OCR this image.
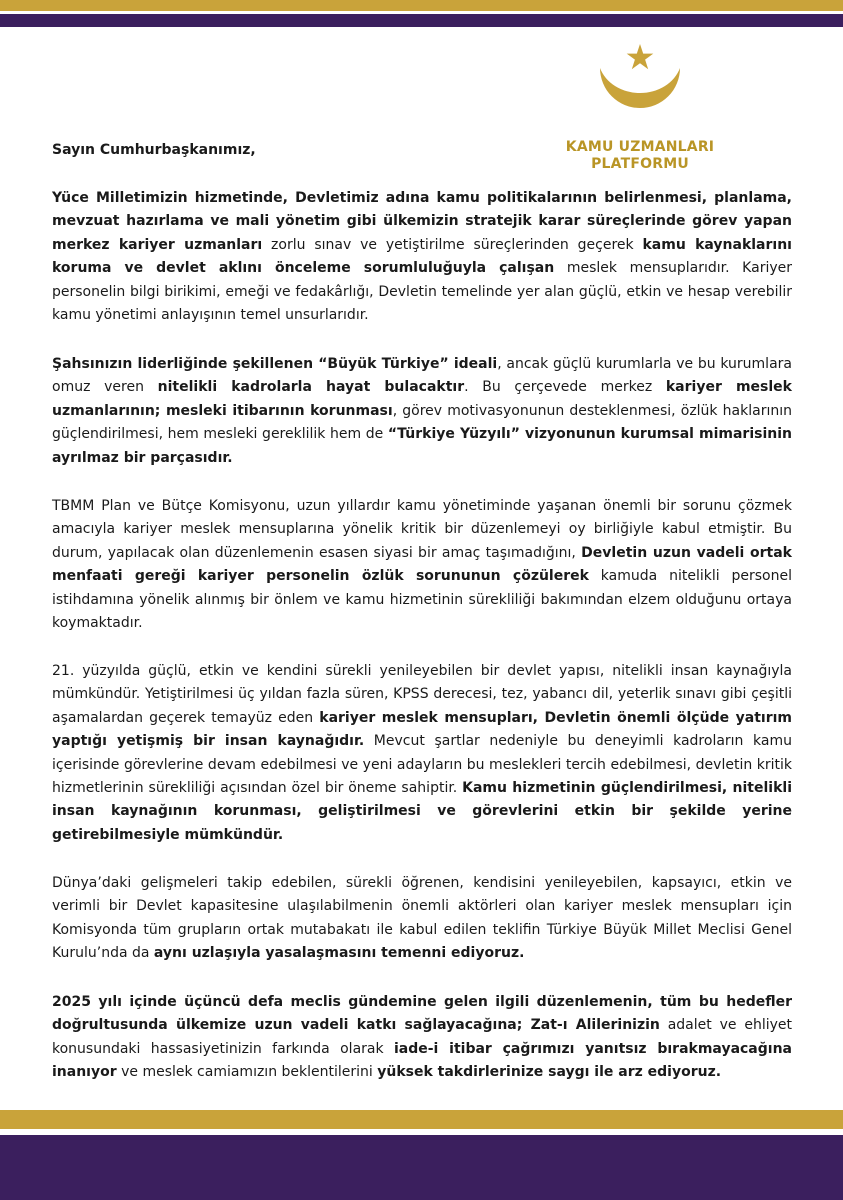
KAMU UZMANLARI
PLATFORMU

Sayın Cumhurbaşkanımız,

Yüce Milletimizin hizmetinde, Devletimiz adına kamu politikalarının belirlenmesi, planlama, mevzuat hazırlama ve mali yönetim gibi ülkemizin stratejik karar süreçlerinde görev yapan merkez kariyer uzmanları zorlu sınav ve yetiştirilme süreçlerinden geçerek kamu kaynaklarını koruma ve devlet aklını önceleme sorumluluğuyla çalışan meslek mensuplarıdır. Kariyer personelin bilgi birikimi, emeği ve fedakârlığı, Devletin temelinde yer alan güçlü, etkin ve hesap verebilir kamu yönetimi anlayışının temel unsurlarıdır.

Şahsınızın liderliğinde şekillenen “Büyük Türkiye” ideali, ancak güçlü kurumlarla ve bu kurumlara omuz veren nitelikli kadrolarla hayat bulacaktır. Bu çerçevede merkez kariyer meslek uzmanlarının; mesleki itibarının korunması, görev motivasyonunun desteklenmesi, özlük haklarının güçlendirilmesi, hem mesleki gereklilik hem de “Türkiye Yüzyılı” vizyonunun kurumsal mimarisinin ayrılmaz bir parçasıdır.

TBMM Plan ve Bütçe Komisyonu, uzun yıllardır kamu yönetiminde yaşanan önemli bir sorunu çözmek amacıyla kariyer meslek mensuplarına yönelik kritik bir düzenlemeyi oy birliğiyle kabul etmiştir. Bu durum, yapılacak olan düzenlemenin esasen siyasi bir amaç taşımadığını, Devletin uzun vadeli ortak menfaati gereği kariyer personelin özlük sorununun çözülerek kamuda nitelikli personel istihdamına yönelik alınmış bir önlem ve kamu hizmetinin sürekliliği bakımından elzem olduğunu ortaya koymaktadır.

21. yüzyılda güçlü, etkin ve kendini sürekli yenileyebilen bir devlet yapısı, nitelikli insan kaynağıyla mümkündür. Yetiştirilmesi üç yıldan fazla süren, KPSS derecesi, tez, yabancı dil, yeterlik sınavı gibi çeşitli aşamalardan geçerek temayüz eden kariyer meslek mensupları, Devletin önemli ölçüde yatırım yaptığı yetişmiş bir insan kaynağıdır. Mevcut şartlar nedeniyle bu deneyimli kadroların kamu içerisinde görevlerine devam edebilmesi ve yeni adayların bu meslekleri tercih edebilmesi, devletin kritik hizmetlerinin sürekliliği açısından özel bir öneme sahiptir. Kamu hizmetinin güçlendirilmesi, nitelikli insan kaynağının korunması, geliştirilmesi ve görevlerini etkin bir şekilde yerine getirebilmesiyle mümkündür.

Dünya’daki gelişmeleri takip edebilen, sürekli öğrenen, kendisini yenileyebilen, kapsayıcı, etkin ve verimli bir Devlet kapasitesine ulaşılabilmenin önemli aktörleri olan kariyer meslek mensupları için Komisyonda tüm grupların ortak mutabakatı ile kabul edilen teklifin Türkiye Büyük Millet Meclisi Genel Kurulu’nda da aynı uzlaşıyla yasalaşmasını temenni ediyoruz.

2025 yılı içinde üçüncü defa meclis gündemine gelen ilgili düzenlemenin, tüm bu hedefler doğrultusunda ülkemize uzun vadeli katkı sağlayacağına; Zat-ı Alilerinizin adalet ve ehliyet konusundaki hassasiyetinizin farkında olarak iade-i itibar çağrımızı yanıtsız bırakmayacağına inanıyor ve meslek camiamızın beklentilerini yüksek takdirlerinize saygı ile arz ediyoruz.
